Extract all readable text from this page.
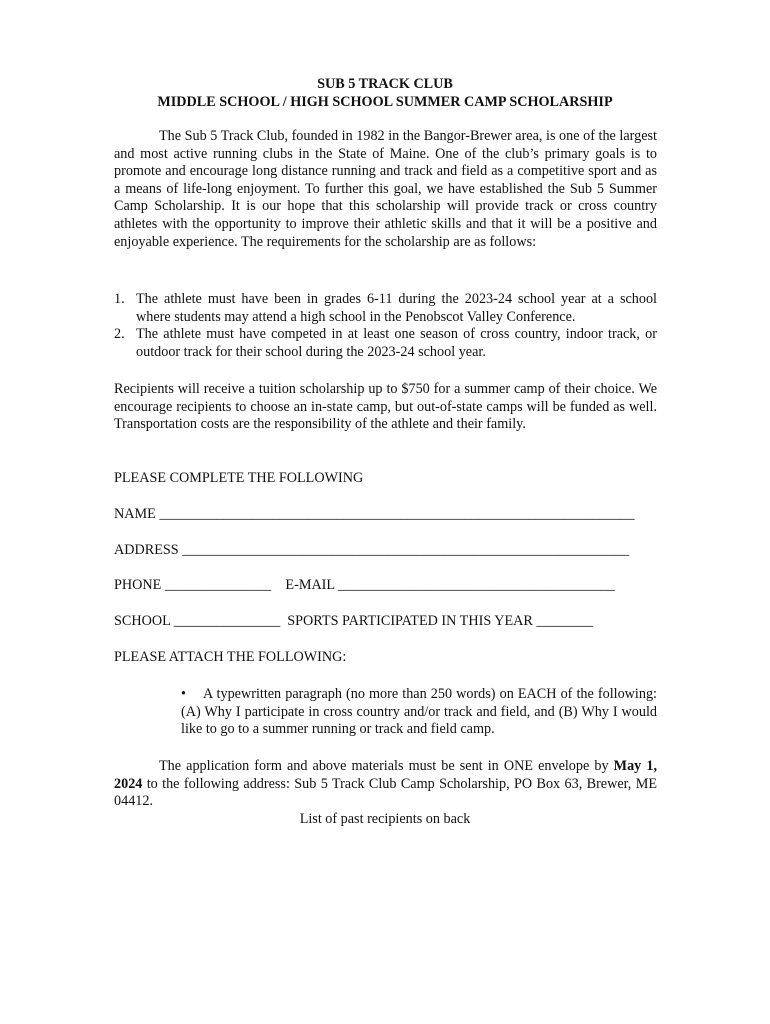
SUB 5 TRACK CLUB
MIDDLE SCHOOL / HIGH SCHOOL SUMMER CAMP SCHOLARSHIP

The Sub 5 Track Club, founded in 1982 in the Bangor-Brewer area, is one of the largest and most active running clubs in the State of Maine. One of the club’s primary goals is to promote and encourage long distance running and track and field as a competitive sport and as a means of life-long enjoyment. To further this goal, we have established the Sub 5 Summer Camp Scholarship. It is our hope that this scholarship will provide track or cross country athletes with the opportunity to improve their athletic skills and that it will be a positive and enjoyable experience. The requirements for the scholarship are as follows:

1. The athlete must have been in grades 6-11 during the 2023-24 school year at a school where students may attend a high school in the Penobscot Valley Conference.
2. The athlete must have competed in at least one season of cross country, indoor track, or outdoor track for their school during the 2023-24 school year.

Recipients will receive a tuition scholarship up to $750 for a summer camp of their choice. We encourage recipients to choose an in-state camp, but out-of-state camps will be funded as well. Transportation costs are the responsibility of the athlete and their family.

PLEASE COMPLETE THE FOLLOWING
NAME ___________________________________________________________________
ADDRESS _______________________________________________________________
PHONE _______________    E-MAIL _______________________________________
SCHOOL _______________  SPORTS PARTICIPATED IN THIS YEAR ________
PLEASE ATTACH THE FOLLOWING:

• A typewritten paragraph (no more than 250 words) on EACH of the following: (A) Why I participate in cross country and/or track and field, and (B) Why I would like to go to a summer running or track and field camp.

The application form and above materials must be sent in ONE envelope by May 1, 2024 to the following address: Sub 5 Track Club Camp Scholarship, PO Box 63, Brewer, ME 04412.

List of past recipients on back
